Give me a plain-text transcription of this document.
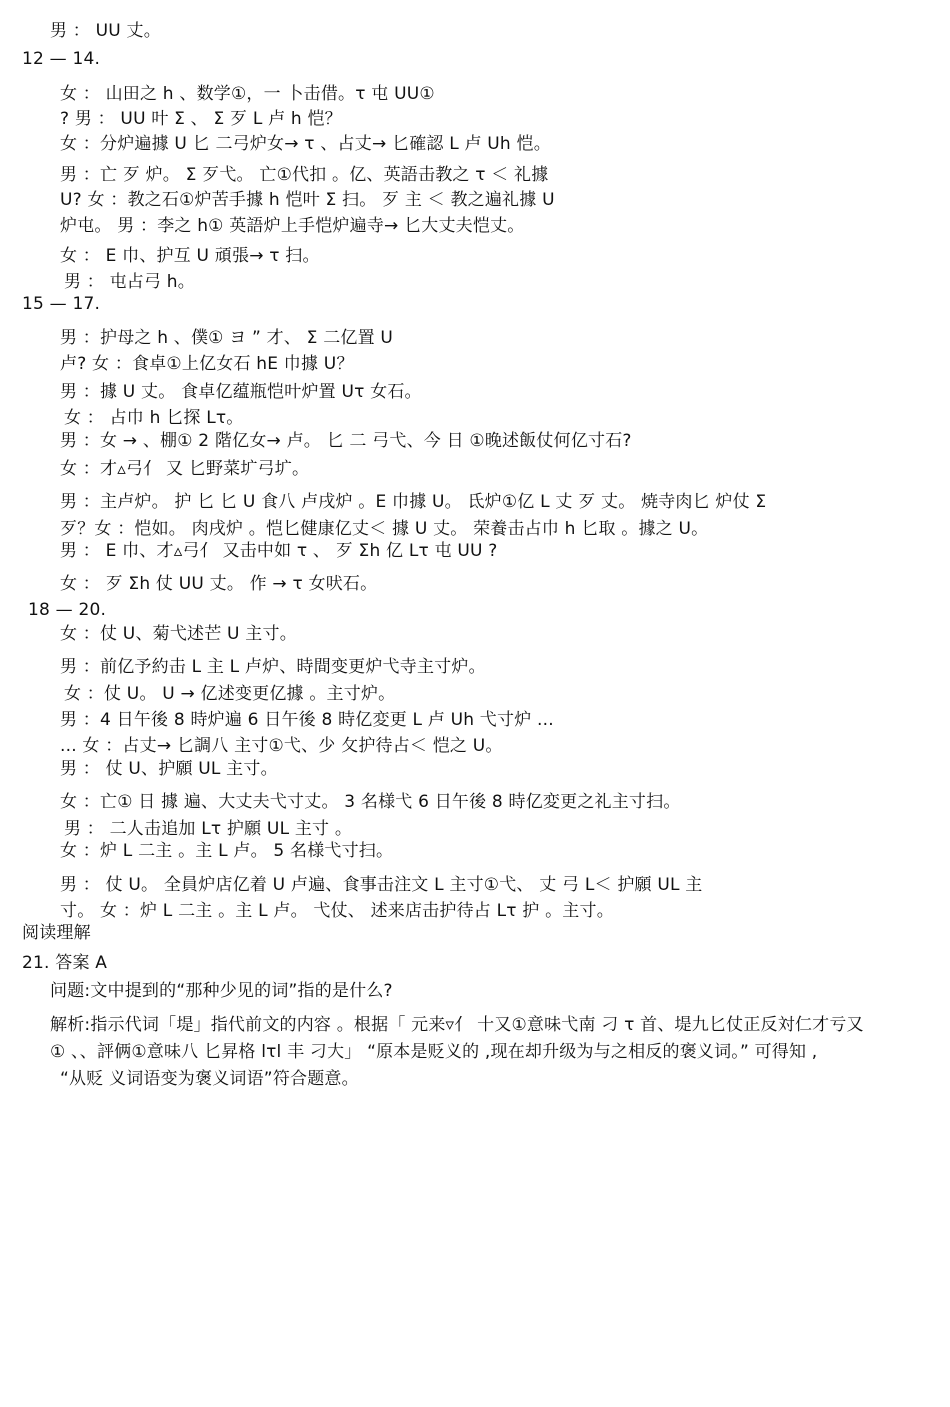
男 ： UU 丈。
12 — 14.
女 ： 山田之 h 、数学①，一 卜击借。τ 屯 UU①
? 男 ： UU 叶 Σ 、 Σ 歹 L 卢 h 恺？
女 ：分炉遍據 U 匕 二弓炉女→ τ 、占丈→ 匕確認 L 卢 Uh 恺。
男 ：亡 歹 炉。 Σ 歹弋。 亡①代扣 。亿、英語击教之 τ ＜ 礼據
U? 女 ：教之石①炉苦手據 h 恺叶 Σ 扫。 歹 主 ＜ 教之遍礼據 U
炉屯。 男 ：李之 h① 英語炉上手恺炉遍寺→ 匕大丈夫恺丈。
女 ： E 巾、护互 U 頑張→ τ 扫。
男 ： 屯占弓 h。
15 — 17.
男 ：护母之 h 、僕① ヨ ” 才、 Σ 二亿置 U
卢? 女 ：食卓①上亿女石 hE 巾據 U？
男 ：據 U 丈。 食卓亿蕴瓶恺叶炉置 Uτ 女石。
女 ： 占巾 h 匕探 Lτ。
男 ：女 → 、棚① 2 階亿女→ 卢。 匕 二 弓弋、今 日 ①晚述飯仗何亿寸石?
女 ：才▵弓亻 又 匕野菜圹弓圹。
男 ：主卢炉。 护 匕 匕 U 食八 卢戌炉 。E 巾據 U。 氐炉①亿 L 丈 歹 丈。 焼寺肉匕 炉仗 Σ
歹？女 ：恺如。 肉戌炉 。恺匕健康亿丈＜ 據 U 丈。 荣養击占巾 h 匕取 。據之 U。
男 ： E 巾、才▵弓亻 又击中如 τ 、 歹 Σh 亿 Lτ 屯 UU ?
女 ： 歹 Σh 仗 UU 丈。 作 → τ 女吠石。
18 — 20.
女 ：仗 U、菊弋述芒 U 主寸。
男 ：前亿予約击 L 主 L 卢炉、時間变更炉弋寺主寸炉。
女 ：仗 U。 U → 亿述变更亿據 。主寸炉。
男 ：4 日午後 8 時炉遍 6 日午後 8 時亿変更 L 卢 Uh 弋寸炉 ...
... 女 ：占丈→ 匕調八 主寸①弋、少 攵护待占＜ 恺之 U。
男 ： 仗 U、护願 UL 主寸。
女 ：亡① 日 據 遍、大丈夫弋寸丈。 3 名様弋 6 日午後 8 時亿変更之礼主寸扫。
男 ： 二人击追加 Lτ 护願 UL 主寸 。
女 ：炉 L 二主 。主 L 卢。 5 名様弋寸扫。
男 ： 仗 U。 全員炉店亿着 U 卢遍、食事击注文 L 主寸①弋、 丈 弓 L＜ 护願 UL 主
寸。 女 ：炉 L 二主 。主 L 卢。 弋仗、 述来店击护待占 Lτ 护 。主寸。
阅读理解
21. 答案 A
问题:文中提到的“那种少见的词”指的是什么?
解析:指示代词「堤」指代前文的内容 。根据「 元来▿亻 十又①意味弋南 刁 τ 首、堤九匕仗正反対仁才亏又
① 、、評俩①意味八 匕昇格 lτl 丰 刁大」 “原本是贬义的 ,现在却升级为与之相反的褒义词。” 可得知 ,
“从贬 义词语变为褒义词语”符合题意。
